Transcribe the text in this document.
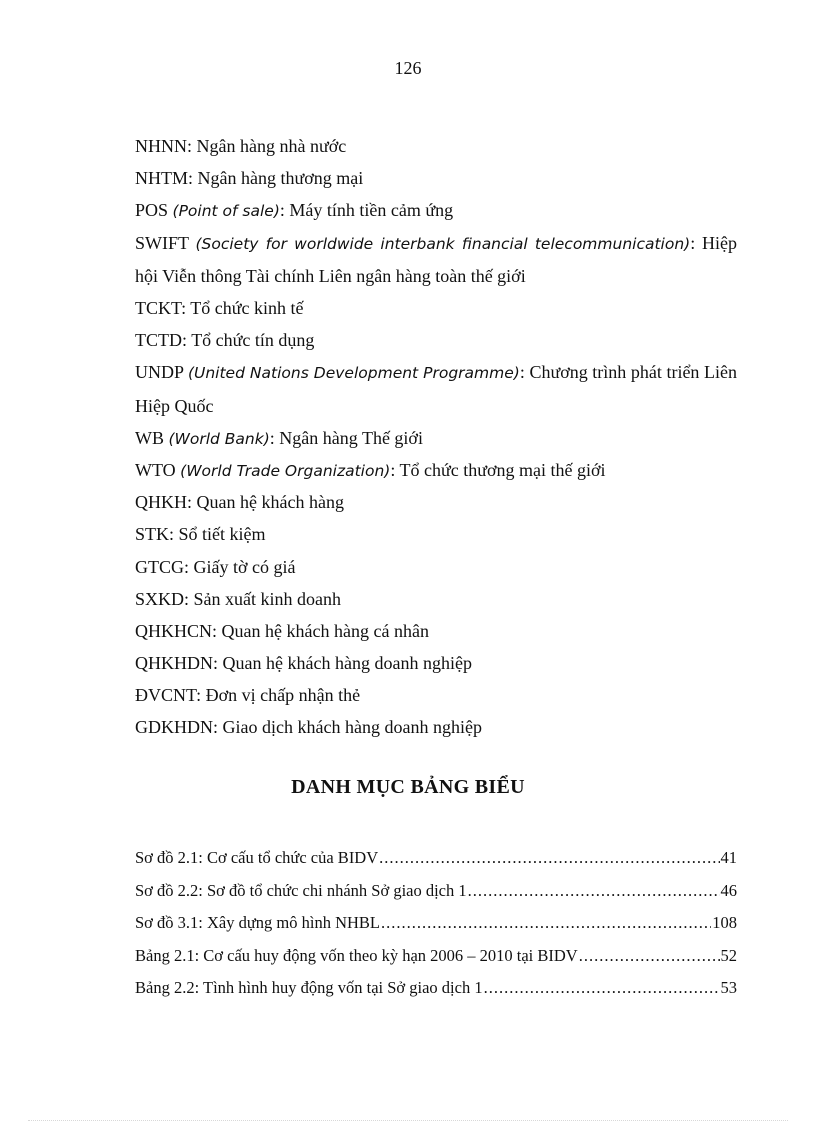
126
NHNN: Ngân hàng nhà nước
NHTM: Ngân hàng thương mại
POS (Point of sale): Máy tính tiền cảm ứng
SWIFT (Society for worldwide interbank financial telecommunication): Hiệp hội Viễn thông Tài chính Liên ngân hàng toàn thế giới
TCKT: Tổ chức kinh tế
TCTD: Tổ chức tín dụng
UNDP (United Nations Development Programme): Chương trình phát triển Liên Hiệp Quốc
WB (World Bank): Ngân hàng Thế giới
WTO (World Trade Organization): Tổ chức thương mại thế giới
QHKH: Quan hệ khách hàng
STK: Sổ tiết kiệm
GTCG: Giấy tờ có giá
SXKD: Sản xuất kinh doanh
QHKHCN: Quan hệ khách hàng cá nhân
QHKHDN: Quan hệ khách hàng doanh nghiệp
ĐVCNT: Đơn vị chấp nhận thẻ
GDKHDN: Giao dịch khách hàng doanh nghiệp
DANH MỤC BẢNG BIỂU
Sơ đồ 2.1: Cơ cấu tổ chức của BIDV .....	41
Sơ đồ 2.2: Sơ đồ tổ chức chi nhánh Sở giao dịch 1 .....	46
Sơ đồ 3.1: Xây dựng mô hình NHBL .....	108
Bảng 2.1: Cơ cấu huy động vốn theo kỳ hạn 2006 – 2010 tại BIDV .....	52
Bảng 2.2: Tình hình huy động vốn tại Sở giao dịch 1 .....	53
